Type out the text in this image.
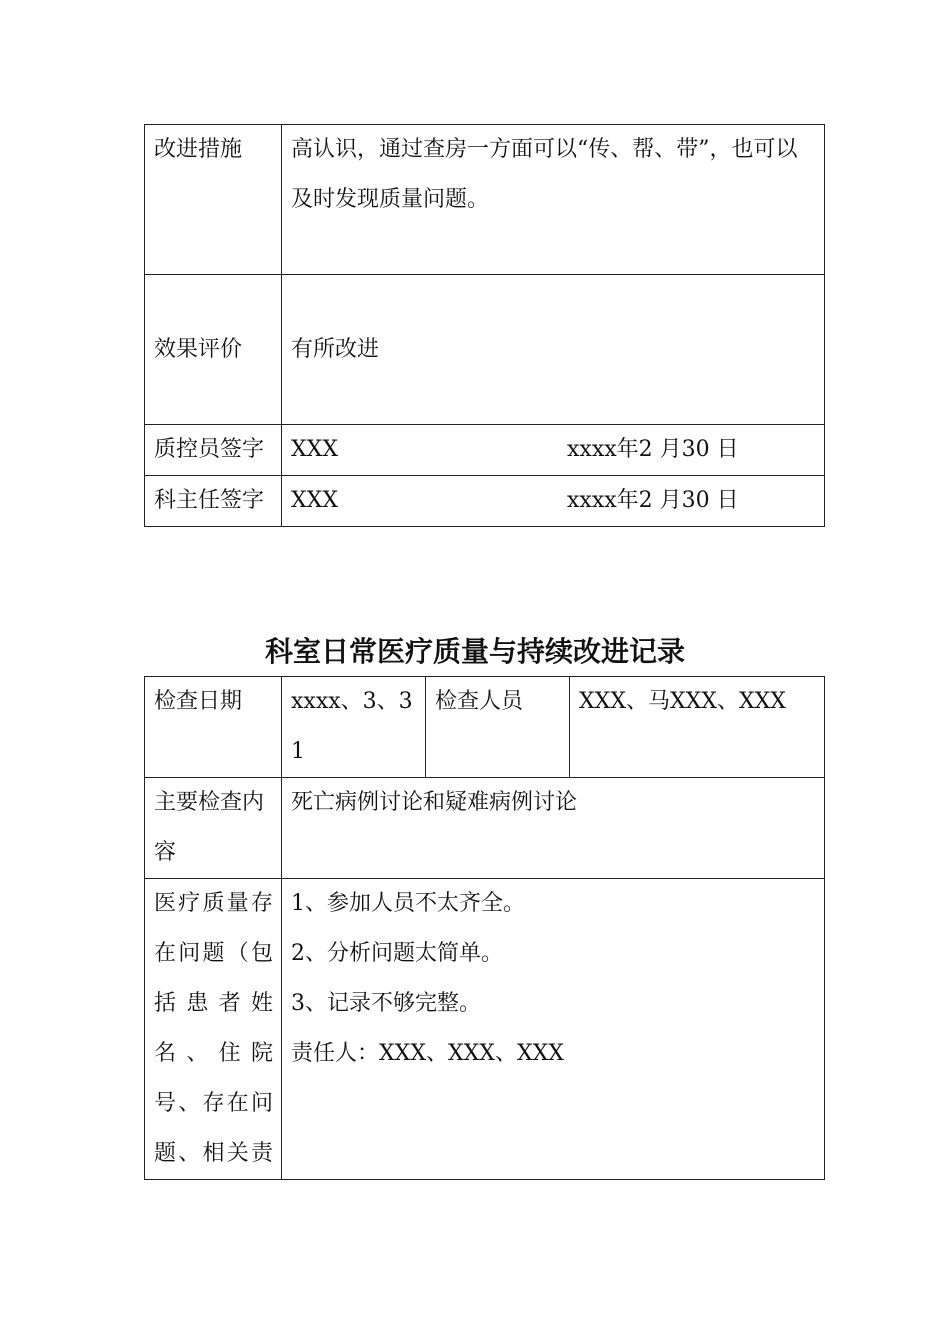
改进措施	高认识，通过查房一方面可以“传、帮、带”，也可以及时发现质量问题。
效果评价	有所改进
质控员签字	XXX xxxx年2 月30 日
科主任签字	XXX xxxx年2 月30 日
科室日常医疗质量与持续改进记录
检查日期	xxxx、3、31	检查人员	XXX、马XXX、XXX
主要检查内容	死亡病例讨论和疑难病例讨论		
医疗质量存在问题（包括患者姓名、住院号、存在问题、相关责	1、参加人员不太齐全。
2、分析问题太简单。
3、记录不够完整。
责任人：XXX、XXX、XXX		
